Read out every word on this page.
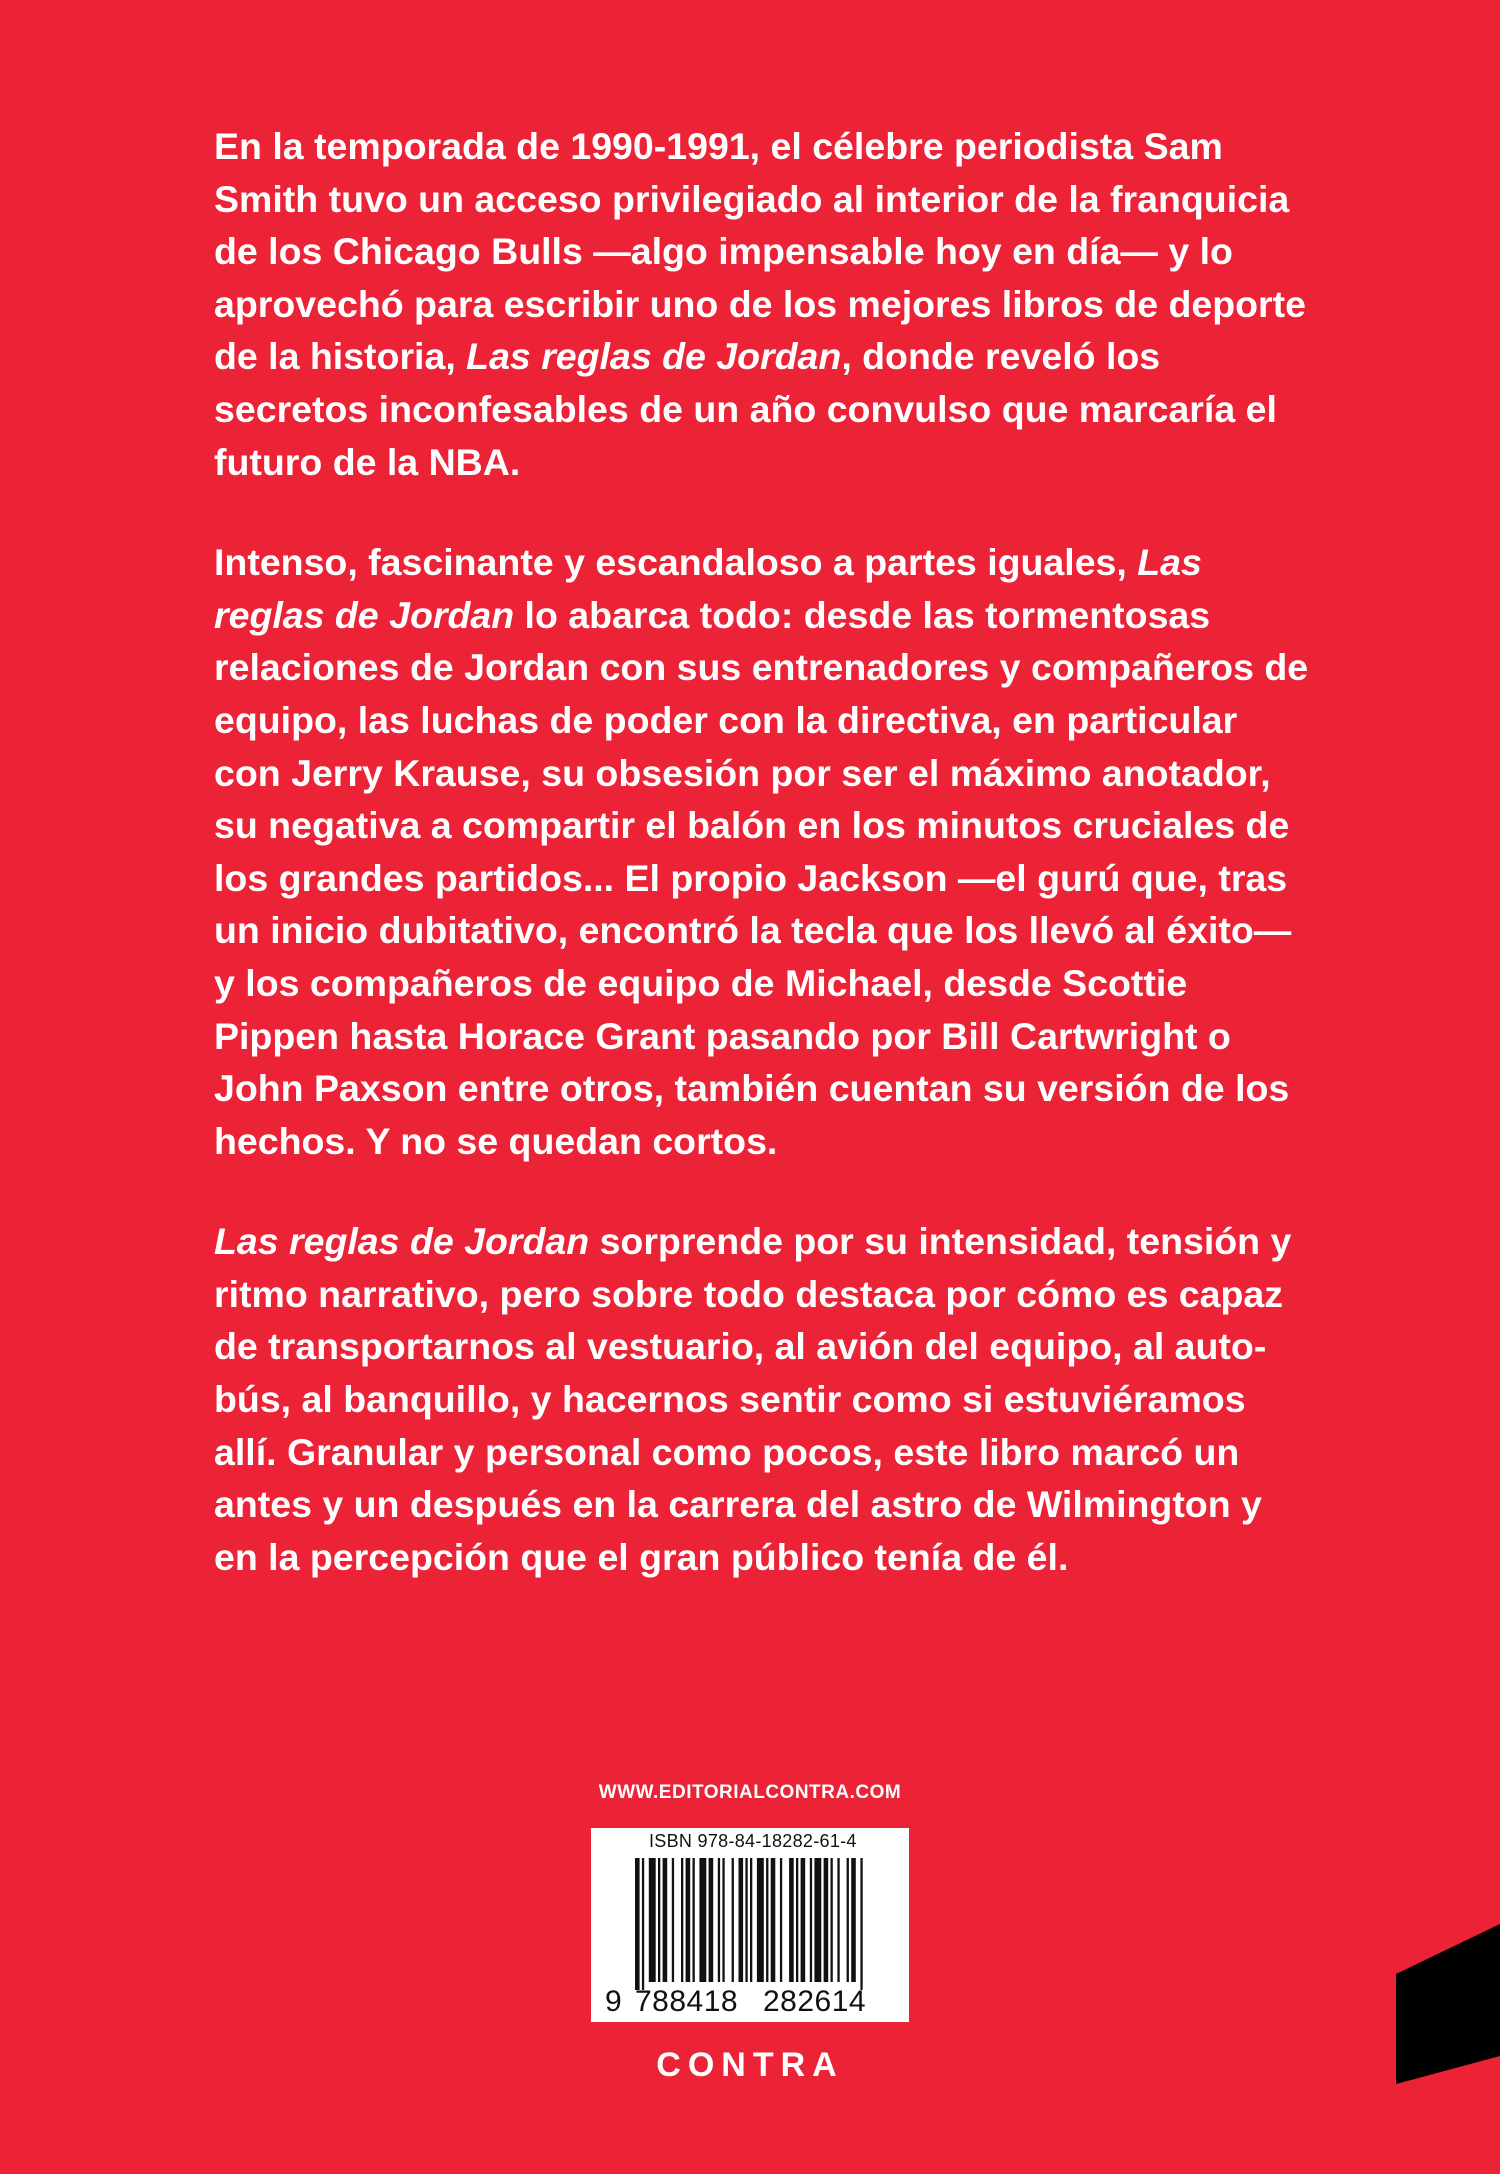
En la temporada de 1990-1991, el célebre periodista Sam Smith tuvo un acceso privilegiado al interior de la franquicia de los Chicago Bulls —algo impensable hoy en día— y lo aprovechó para escribir uno de los mejores libros de deporte de la historia, Las reglas de Jordan, donde reveló los secretos inconfesables de un año convulso que marcaría el futuro de la NBA.

Intenso, fascinante y escandaloso a partes iguales, Las reglas de Jordan lo abarca todo: desde las tormentosas relaciones de Jordan con sus entrenadores y compañeros de equipo, las luchas de poder con la directiva, en particular con Jerry Krause, su obsesión por ser el máximo anotador, su negativa a compartir el balón en los minutos cruciales de los grandes partidos... El propio Jackson —el gurú que, tras un inicio dubitativo, encontró la tecla que los llevó al éxito— y los compañeros de equipo de Michael, desde Scottie Pippen hasta Horace Grant pasando por Bill Cartwright o John Paxson entre otros, también cuentan su versión de los hechos. Y no se quedan cortos.

Las reglas de Jordan sorprende por su intensidad, tensión y ritmo narrativo, pero sobre todo destaca por cómo es capaz de transportarnos al vestuario, al avión del equipo, al autobús, al banquillo, y hacernos sentir como si estuviéramos allí. Granular y personal como pocos, este libro marcó un antes y un después en la carrera del astro de Wilmington y en la percepción que el gran público tenía de él.

WWW.EDITORIALCONTRA.COM
ISBN 978-84-18282-61-4
9 788418 282614
CONTRA
